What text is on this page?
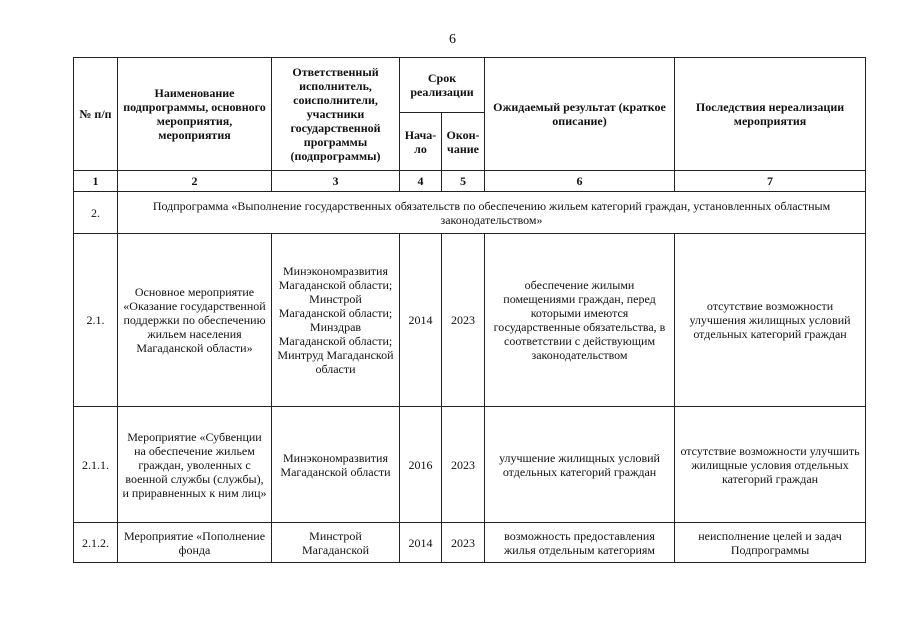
6
№ п/п	Наименование подпрограммы, основного мероприятия, мероприятия	Ответственный исполнитель, соисполнители, участники государственной программы (подпрограммы)	Срок реализации		Ожидаемый результат (краткое описание)	Последствия нереализации мероприятия
			Нача-ло	Окон-чание		
1	2	3	4	5	6	7
2.	Подпрограмма «Выполнение государственных обязательств по обеспечению жильем категорий граждан, установленных областным законодательством»					
2.1.	Основное мероприятие «Оказание государственной поддержки по обеспечению жильем населения Магаданской области»	Минэкономразвития Магаданской области; Минстрой Магаданской области; Минздрав Магаданской области; Минтруд Магаданской области	2014	2023	обеспечение жилыми помещениями граждан, перед которыми имеются государственные обязательства, в соответствии с действующим законодательством	отсутствие возможности улучшения жилищных условий отдельных категорий граждан
2.1.1.	Мероприятие «Субвенции на обеспечение жильем граждан, уволенных с военной службы (службы), и приравненных к ним лиц»	Минэкономразвития Магаданской области	2016	2023	улучшение жилищных условий отдельных категорий граждан	отсутствие возможности улучшить жилищные условия отдельных категорий граждан
2.1.2.	Мероприятие «Пополнение фонда	Минстрой Магаданской	2014	2023	возможность предоставления жилья отдельным категориям	неисполнение целей и задач Подпрограммы
